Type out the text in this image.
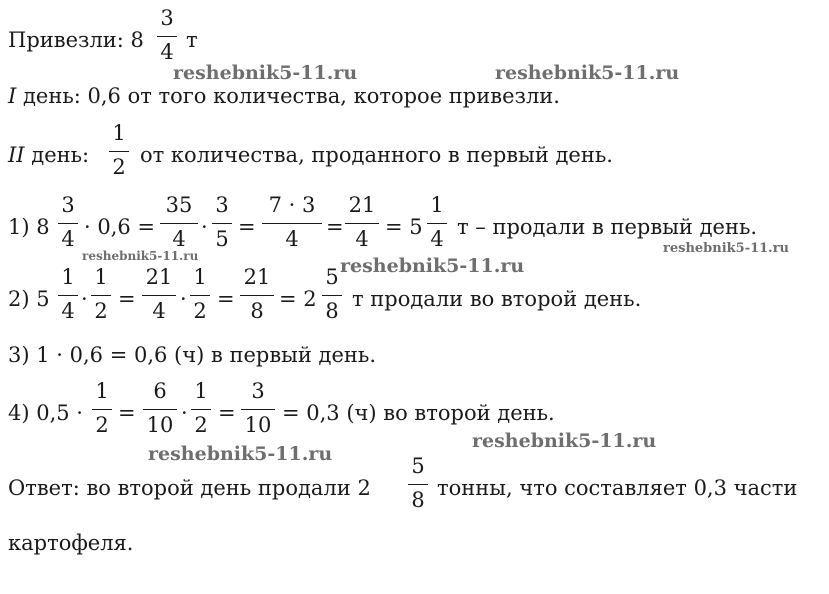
reshebnik5-11.ru	reshebnik5-11.ru
reshebnik5-11.ru	reshebnik5-11.ru
reshebnik5-11.ru
reshebnik5-11.ru
reshebnik5-11.ru
Привезли: 8
3
4 т
I день: 0,6 от того количества, которое привезли.
II день:
1
2 от количества, проданного в первый день.
1) 8
3
4 · 0,6 =
35
4 ·
3
5 =
7 · 3
4	=
21
4 = 5
1
4 т – продали в первый день.
2) 5
1
4 ·
1
2 =
21
4 ·
1
2 =
21
8 = 2
5
8 т продали во второй день.
3) 1 · 0,6 = 0,6 (ч) в первый день.
4) 0,5 ·
1
2 =
6
10 ·
1
2 =
3
10 = 0,3 (ч) во второй день.
Ответ: во второй день продали 2
5
8 тонны, что составляет 0,3 части
картофеля.
